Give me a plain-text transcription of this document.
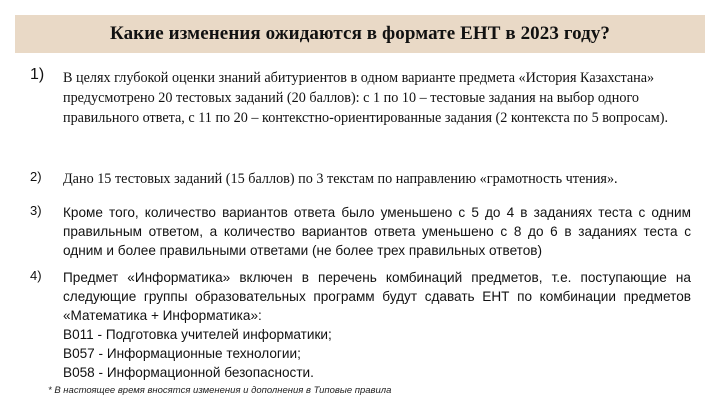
Какие изменения ожидаются в формате ЕНТ в 2023 году?
1) В целях глубокой оценки знаний абитуриентов в одном варианте предмета «История Казахстана» предусмотрено 20 тестовых заданий (20 баллов): с 1 по 10 – тестовые задания на выбор одного правильного ответа, с 11 по 20 – контекстно-ориентированные задания (2 контекста по 5 вопросам).
2) Дано 15 тестовых заданий (15 баллов) по 3 текстам по направлению «грамотность чтения».
3) Кроме того, количество вариантов ответа было уменьшено с 5 до 4 в заданиях теста с одним правильным ответом, а количество вариантов ответа уменьшено с 8 до 6 в заданиях теста с одним и более правильными ответами (не более трех правильных ответов)
4) Предмет «Информатика» включен в перечень комбинаций предметов, т.е. поступающие на следующие группы образовательных программ будут сдавать ЕНТ по комбинации предметов «Математика + Информатика»:
В011 - Подготовка учителей информатики;
В057 - Информационные технологии;
В058 - Информационной безопасности.
* В настоящее время вносятся изменения и дополнения в Типовые правила
